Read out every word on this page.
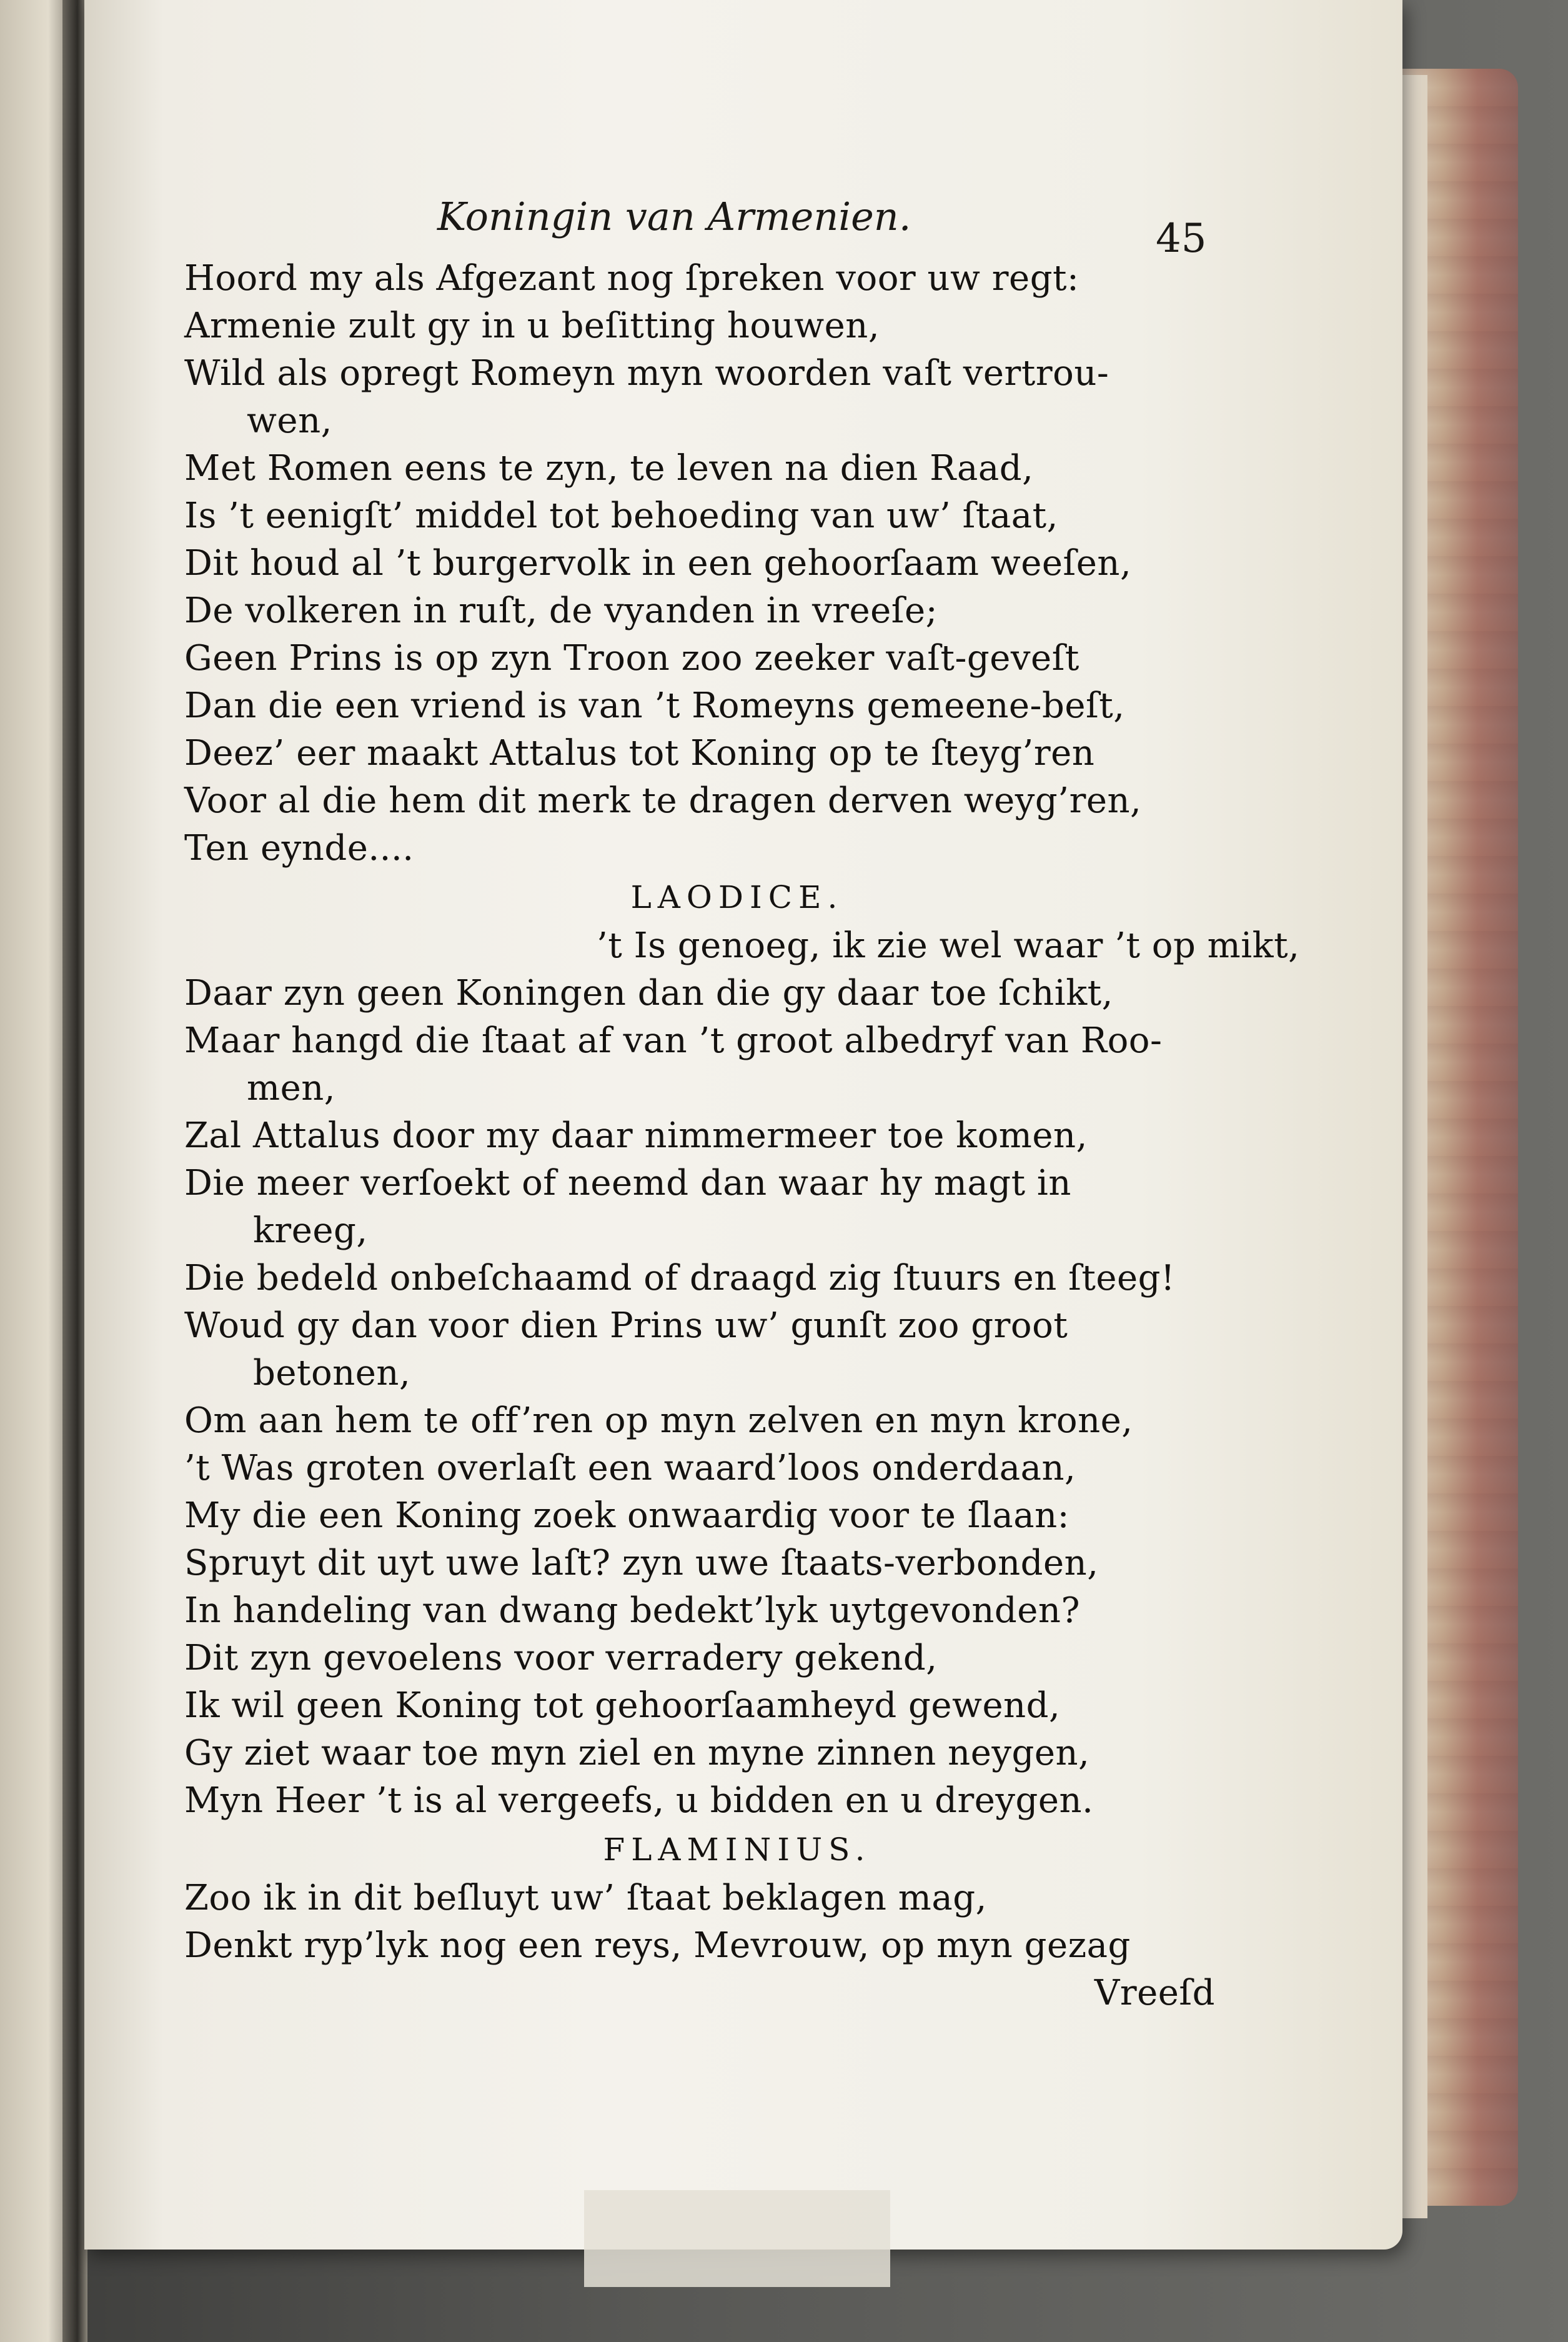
Koningin van Armenien.	45
Hoord my als Afgezant nog ſpreken voor uw regt:
Armenie zult gy in u beſitting houwen,
Wild als opregt Romeyn myn woorden vaſt vertrou-
wen,
Met Romen eens te zyn, te leven na dien Raad,
Is ’t eenigſt’ middel tot behoeding van uw’ ſtaat,
Dit houd al ’t burgervolk in een gehoorſaam weeſen,
De volkeren in ruſt, de vyanden in vreeſe;
Geen Prins is op zyn Troon zoo zeeker vaſt-geveſt
Dan die een vriend is van ’t Romeyns gemeene-beſt,
Deez’ eer maakt Attalus tot Koning op te ſteyg’ren
Voor al die hem dit merk te dragen derven weyg’ren,
Ten eynde....
LAODICE.
’t Is genoeg, ik zie wel waar ’t op mikt,
Daar zyn geen Koningen dan die gy daar toe ſchikt,
Maar hangd die ſtaat af van ’t groot albedryf van Roo-
men,
Zal Attalus door my daar nimmermeer toe komen,
Die meer verſoekt of neemd dan waar hy magt in
kreeg,
Die bedeld onbeſchaamd of draagd zig ſtuurs en ſteeg!
Woud gy dan voor dien Prins uw’ gunſt zoo groot
betonen,
Om aan hem te off’ren op myn zelven en myn krone,
’t Was groten overlaſt een waard’loos onderdaan,
My die een Koning zoek onwaardig voor te ſlaan:
Spruyt dit uyt uwe laſt? zyn uwe ſtaats-verbonden,
In handeling van dwang bedekt’lyk uytgevonden?
Dit zyn gevoelens voor verradery gekend,
Ik wil geen Koning tot gehoorſaamheyd gewend,
Gy ziet waar toe myn ziel en myne zinnen neygen,
Myn Heer ’t is al vergeefs, u bidden en u dreygen.
FLAMINIUS.
Zoo ik in dit beſluyt uw’ ſtaat beklagen mag,
Denkt ryp’lyk nog een reys, Mevrouw, op myn gezag
Vreeſd
